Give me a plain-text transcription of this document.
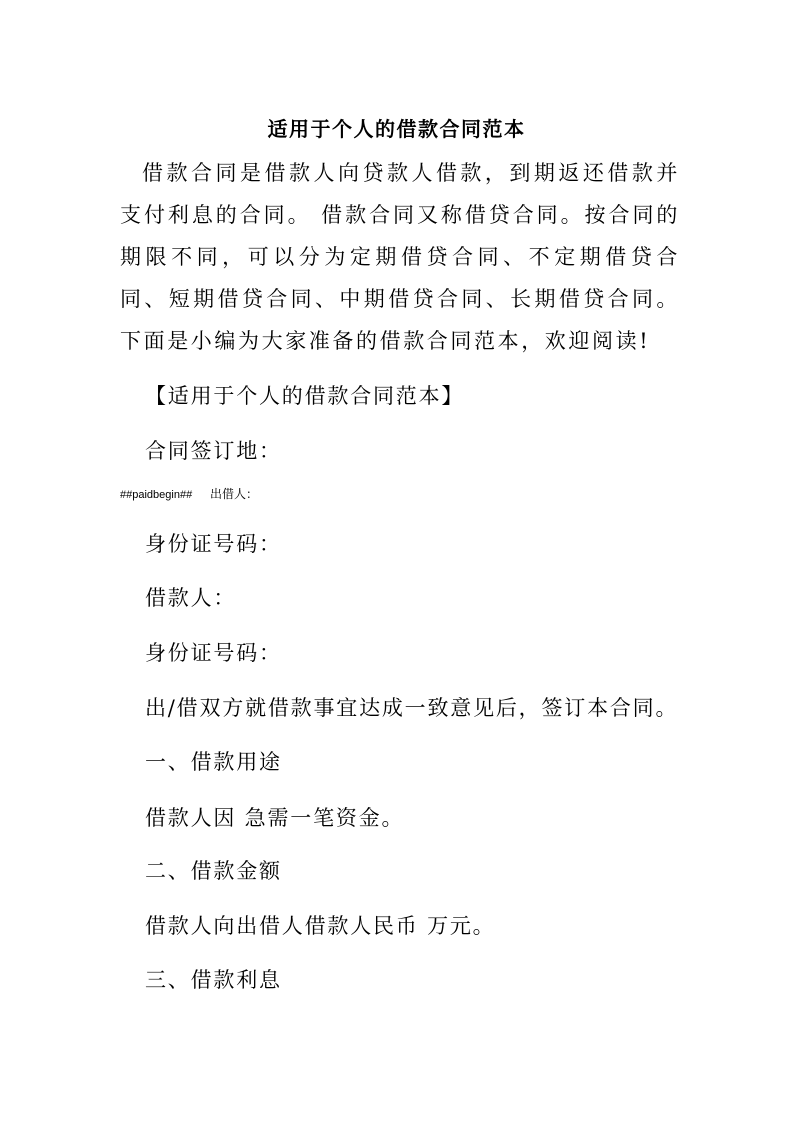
适用于个人的借款合同范本

借款合同是借款人向贷款人借款，到期返还借款并支付利息的合同。 借款合同又称借贷合同。按合同的期限不同，可以分为定期借贷合同、不定期借贷合同、短期借贷合同、中期借贷合同、长期借贷合同。下面是小编为大家准备的借款合同范本，欢迎阅读!

【适用于个人的借款合同范本】

合同签订地：

##paidbegin## 出借人：

身份证号码：

借款人：

身份证号码：

出/借双方就借款事宜达成一致意见后，签订本合同。

一、借款用途

借款人因 急需一笔资金。

二、借款金额

借款人向出借人借款人民币 万元。

三、借款利息
